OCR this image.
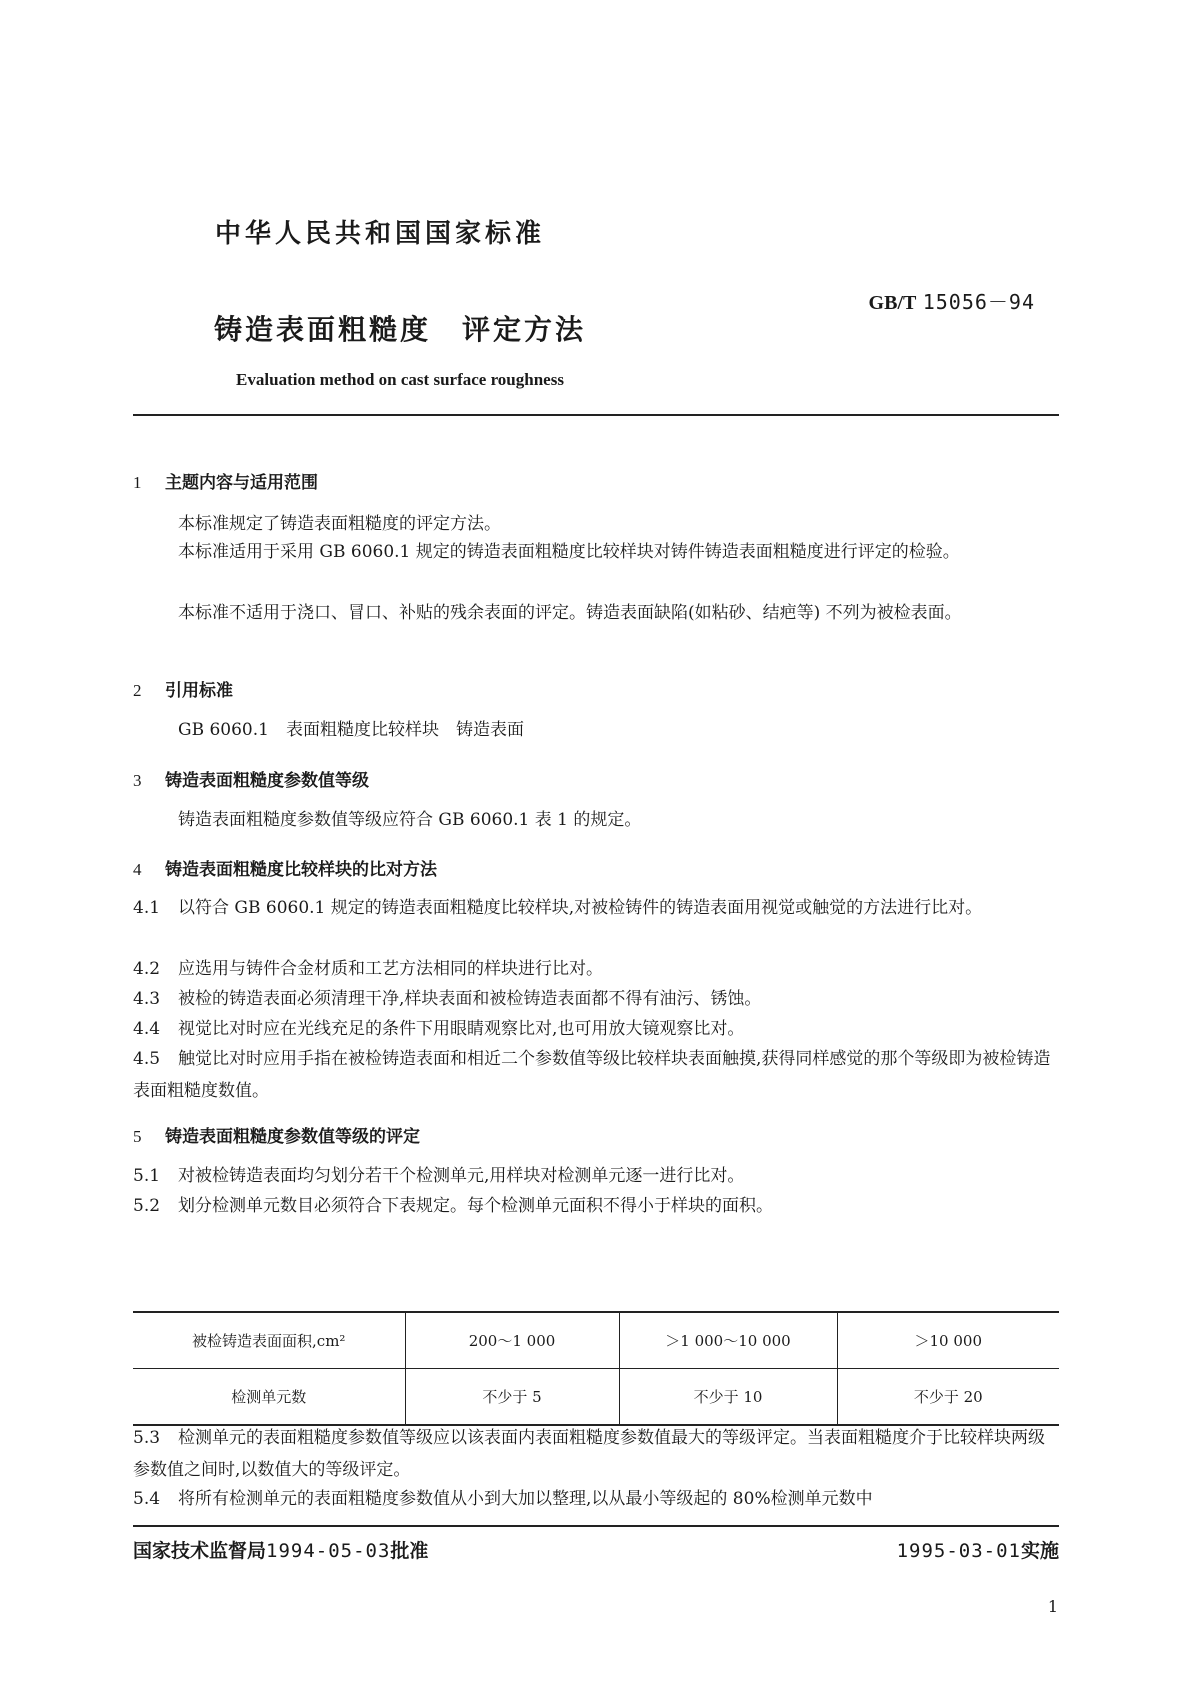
中华人民共和国国家标准
GB/T 15056－94
铸造表面粗糙度　评定方法
Evaluation method on cast surface roughness
1 主题内容与适用范围
本标准规定了铸造表面粗糙度的评定方法。
本标准适用于采用 GB 6060.1 规定的铸造表面粗糙度比较样块对铸件铸造表面粗糙度进行评定的检验。
本标准不适用于浇口、冒口、补贴的残余表面的评定。铸造表面缺陷(如粘砂、结疤等) 不列为被检表面。
2 引用标准
GB 6060.1　表面粗糙度比较样块　铸造表面
3 铸造表面粗糙度参数值等级
铸造表面粗糙度参数值等级应符合 GB 6060.1 表 1 的规定。
4 铸造表面粗糙度比较样块的比对方法
4.1 以符合 GB 6060.1 规定的铸造表面粗糙度比较样块,对被检铸件的铸造表面用视觉或触觉的方法进行比对。
4.2 应选用与铸件合金材质和工艺方法相同的样块进行比对。
4.3 被检的铸造表面必须清理干净,样块表面和被检铸造表面都不得有油污、锈蚀。
4.4 视觉比对时应在光线充足的条件下用眼睛观察比对,也可用放大镜观察比对。
4.5 触觉比对时应用手指在被检铸造表面和相近二个参数值等级比较样块表面触摸,获得同样感觉的那个等级即为被检铸造表面粗糙度数值。
5 铸造表面粗糙度参数值等级的评定
5.1 对被检铸造表面均匀划分若干个检测单元,用样块对检测单元逐一进行比对。
5.2 划分检测单元数目必须符合下表规定。每个检测单元面积不得小于样块的面积。
被检铸造表面面积,cm²	200～1 000	＞1 000～10 000	＞10 000
检测单元数	不少于 5	不少于 10	不少于 20
5.3 检测单元的表面粗糙度参数值等级应以该表面内表面粗糙度参数值最大的等级评定。当表面粗糙度介于比较样块两级参数值之间时,以数值大的等级评定。
5.4 将所有检测单元的表面粗糙度参数值从小到大加以整理,以从最小等级起的 80%检测单元数中
国家技术监督局1994-05-03批准	1995-03-01实施
1
